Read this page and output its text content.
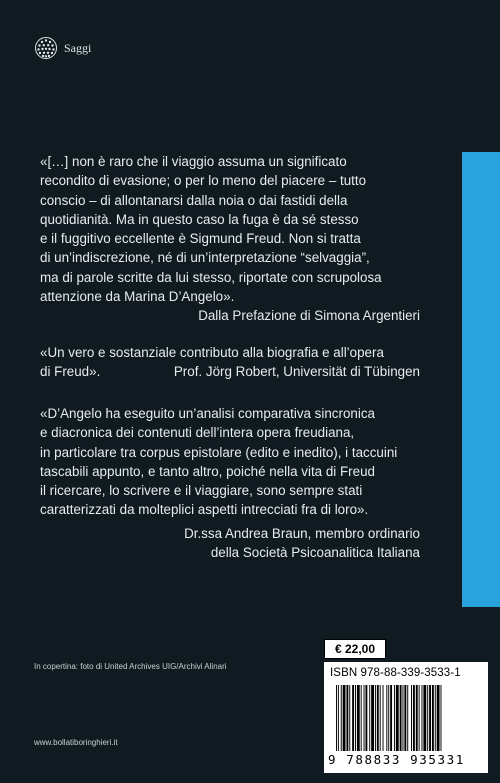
Saggi

«[…] non è raro che il viaggio assuma un significato

recondito di evasione; o per lo meno del piacere – tutto

conscio – di allontanarsi dalla noia o dai fastidi della

quotidianità. Ma in questo caso la fuga è da sé stesso

e il fuggitivo eccellente è Sigmund Freud. Non si tratta

di un’indiscrezione, né di un’interpretazione “selvaggia”,

ma di parole scritte da lui stesso, riportate con scrupolosa

attenzione da Marina D’Angelo».

Dalla Prefazione di Simona Argentieri

«Un vero e sostanziale contributo alla biografia e all’opera

di Freud».	Prof. Jörg Robert, Universität di Tübingen

«D’Angelo ha eseguito un’analisi comparativa sincronica

e diacronica dei contenuti dell’intera opera freudiana,

in particolare tra corpus epistolare (edito e inedito), i taccuini

tascabili appunto, e tanto altro, poiché nella vita di Freud

il ricercare, lo scrivere e il viaggiare, sono sempre stati

caratterizzati da molteplici aspetti intrecciati fra di loro».

Dr.ssa Andrea Braun, membro ordinario

della Società Psicoanalitica Italiana

In copertina: foto di United Archives UIG/Archivi Alinari
www.bollatiboringhieri.it
€ 22,00
ISBN 978-88-339-3533-1
9 788833 935331
